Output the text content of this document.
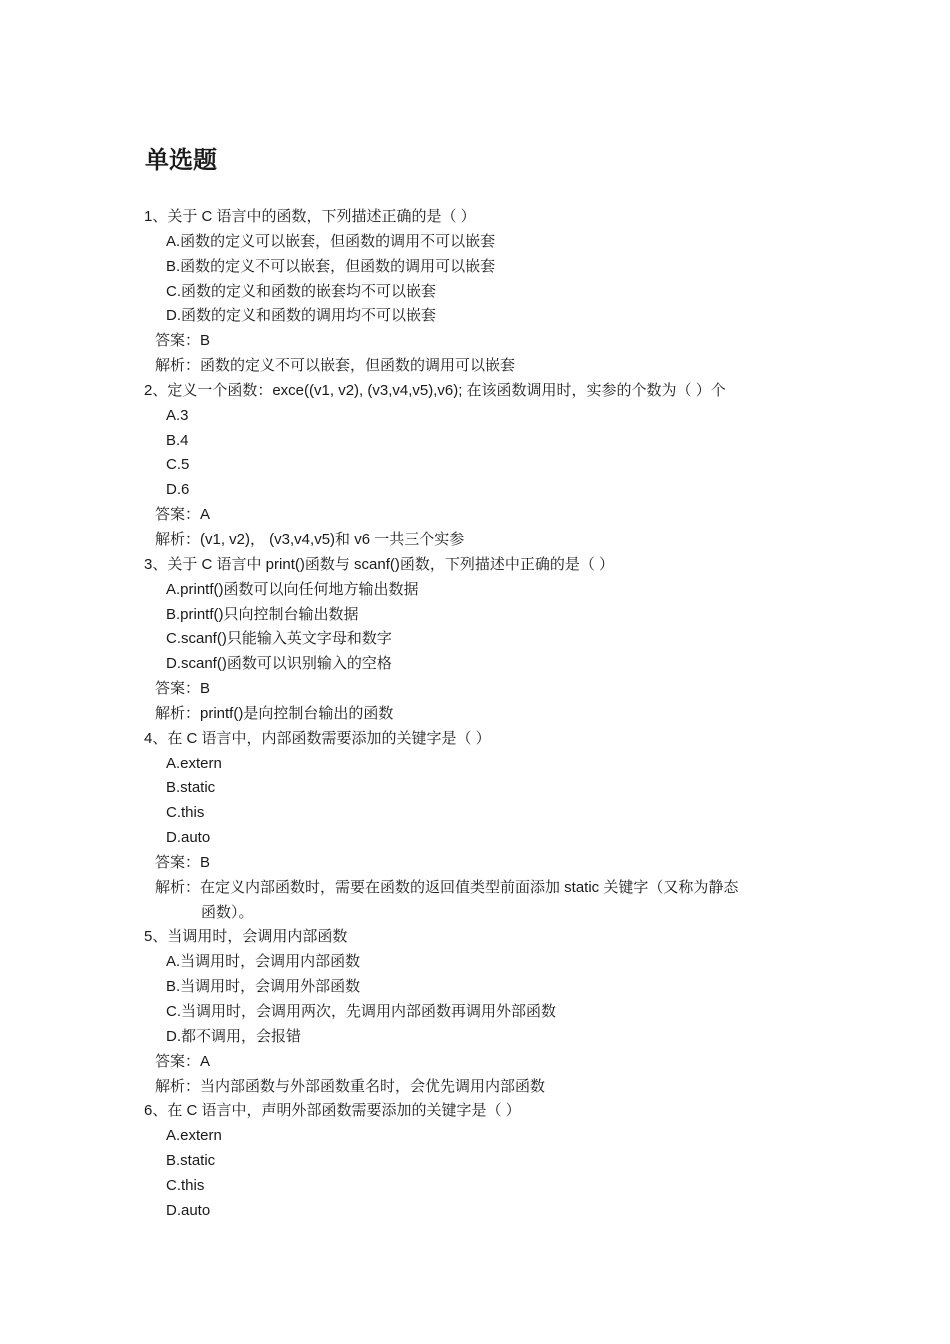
单选题
1、关于 C 语言中的函数，下列描述正确的是（ ）
A.函数的定义可以嵌套，但函数的调用不可以嵌套
B.函数的定义不可以嵌套，但函数的调用可以嵌套
C.函数的定义和函数的嵌套均不可以嵌套
D.函数的定义和函数的调用均不可以嵌套
答案：B
解析：函数的定义不可以嵌套，但函数的调用可以嵌套
2、定义一个函数：exce((v1, v2), (v3,v4,v5),v6); 在该函数调用时，实参的个数为（ ）个
A.3
B.4
C.5
D.6
答案：A
解析：(v1, v2)， (v3,v4,v5)和 v6 一共三个实参
3、关于 C 语言中 print()函数与 scanf()函数，下列描述中正确的是（ ）
A.printf()函数可以向任何地方输出数据
B.printf()只向控制台输出数据
C.scanf()只能输入英文字母和数字
D.scanf()函数可以识别输入的空格
答案：B
解析：printf()是向控制台输出的函数
4、在 C 语言中，内部函数需要添加的关键字是（ ）
A.extern
B.static
C.this
D.auto
答案：B
解析：在定义内部函数时，需要在函数的返回值类型前面添加 static 关键字（又称为静态
函数）。
5、当调用时，会调用内部函数
A.当调用时，会调用内部函数
B.当调用时，会调用外部函数
C.当调用时，会调用两次，先调用内部函数再调用外部函数
D.都不调用，会报错
答案：A
解析：当内部函数与外部函数重名时，会优先调用内部函数
6、在 C 语言中，声明外部函数需要添加的关键字是（ ）
A.extern
B.static
C.this
D.auto
